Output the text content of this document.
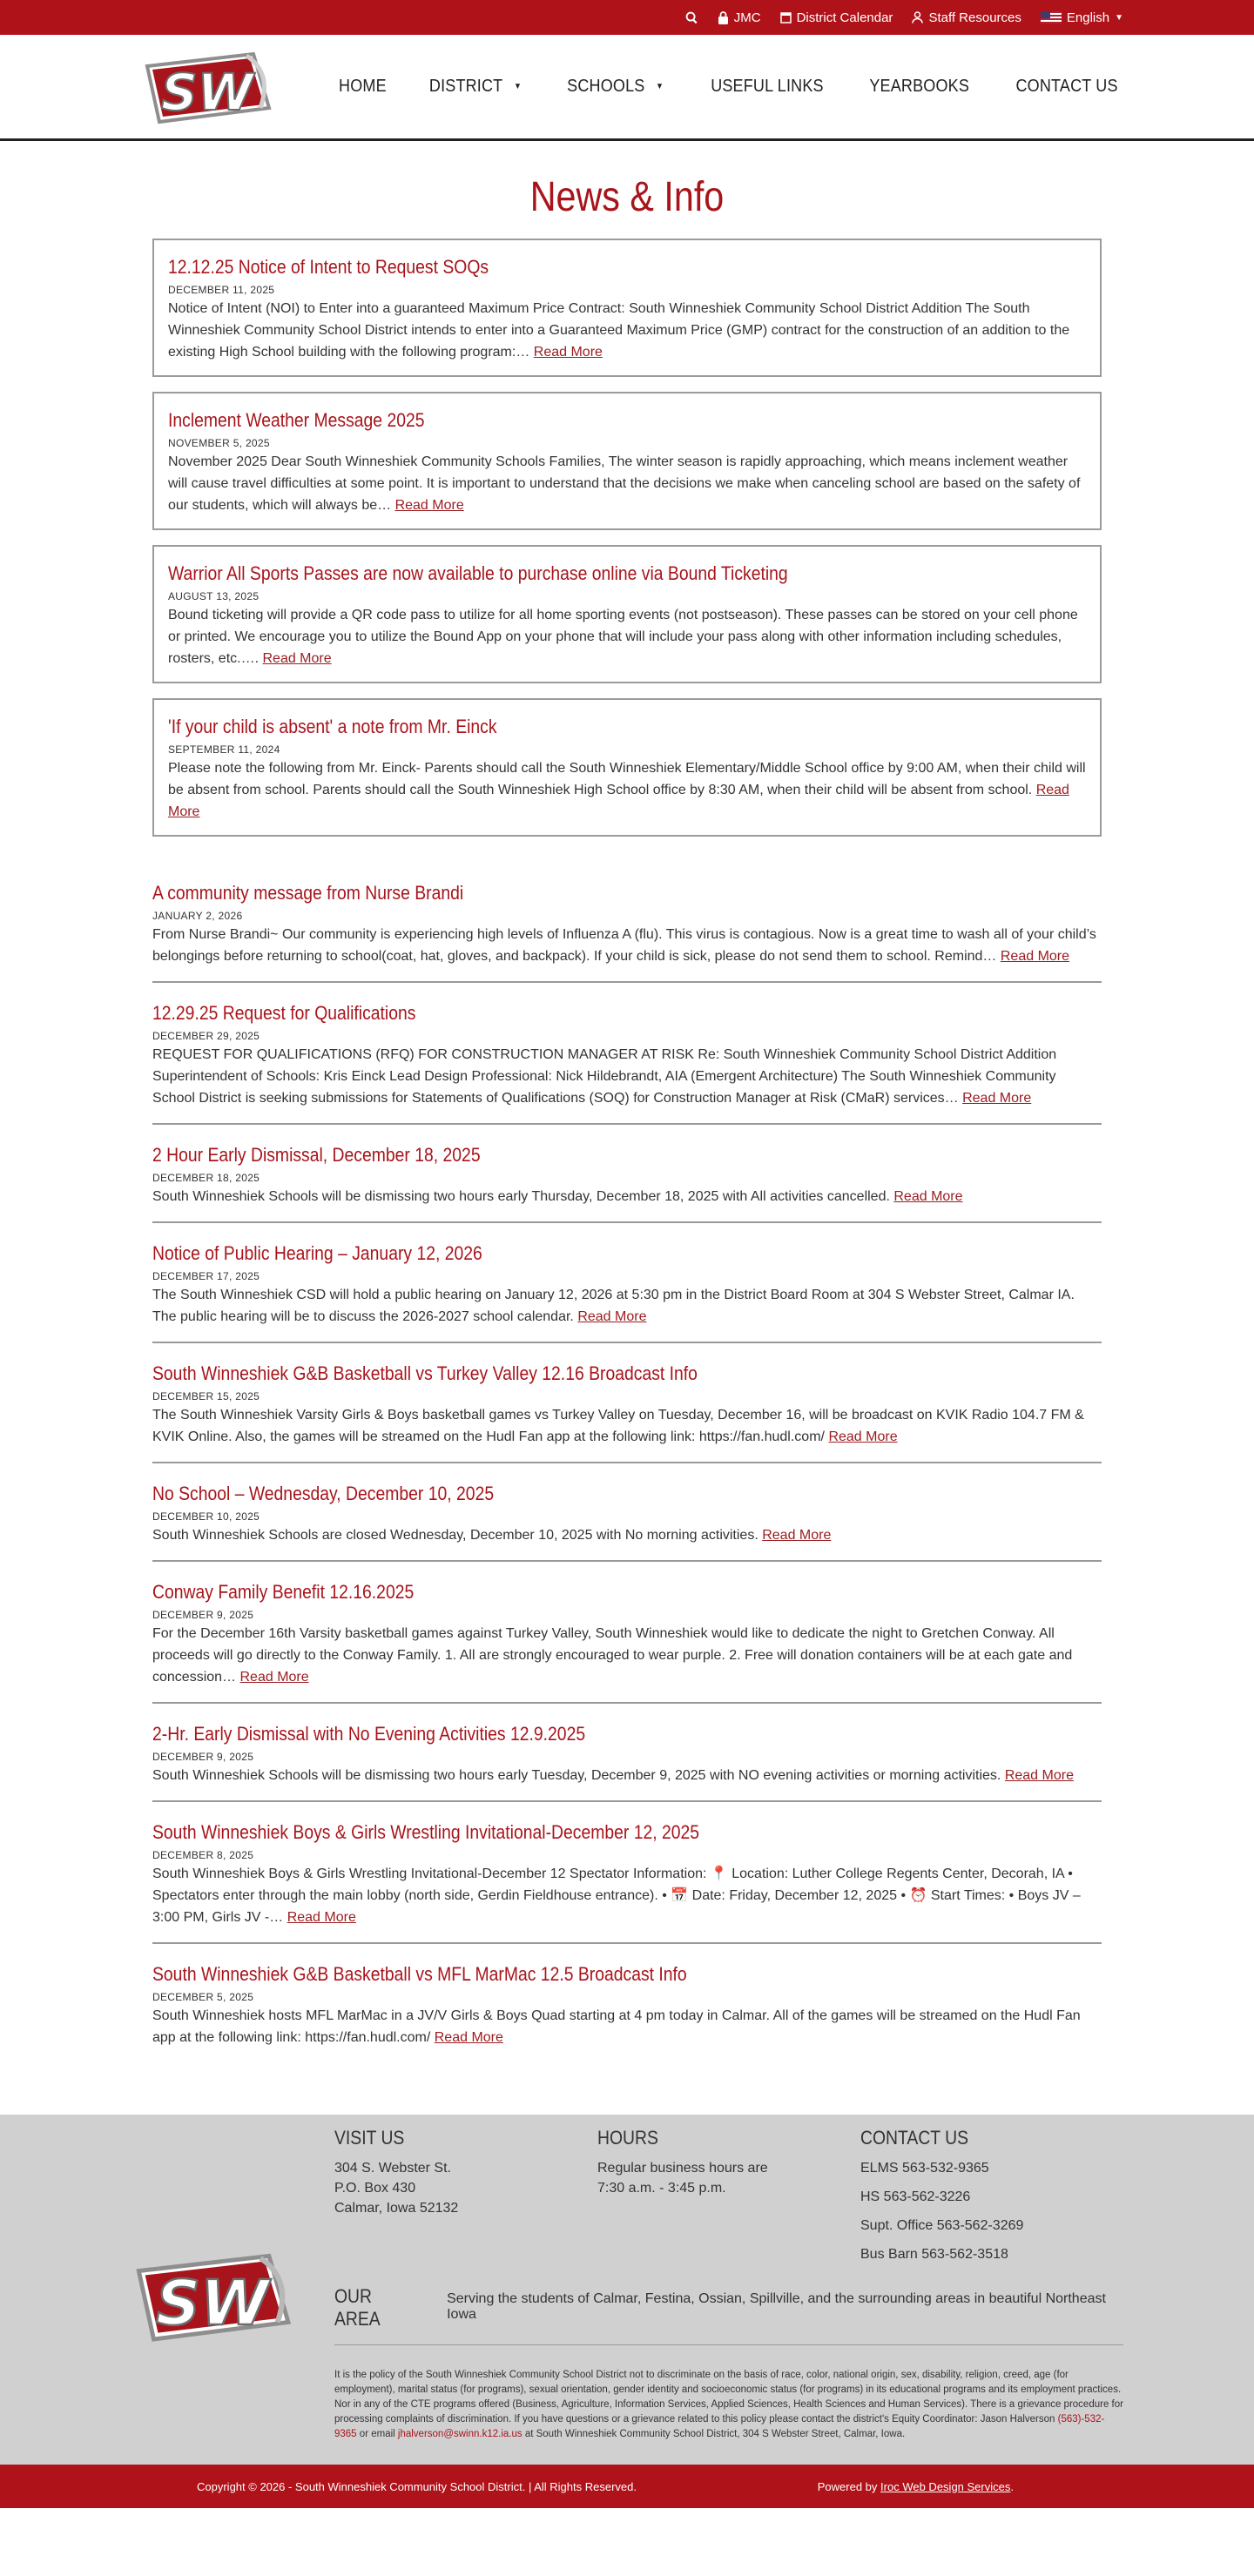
JMC	District Calendar	Staff Resources	English ▼
SW	HOME DISTRICT ▼	SCHOOLS ▼	USEFUL LINKS	YEARBOOKS	CONTACT US
News & Info
12.12.25 Notice of Intent to Request SOQs
DECEMBER 11, 2025

Notice of Intent (NOI) to Enter into a guaranteed Maximum Price Contract: South Winneshiek Community School District Addition The South Winneshiek Community School District intends to enter into a Guaranteed Maximum Price (GMP) contract for the construction of an addition to the existing High School building with the following program:… Read More

Inclement Weather Message 2025
NOVEMBER 5, 2025

November 2025 Dear South Winneshiek Community Schools Families, The winter season is rapidly approaching, which means inclement weather will cause travel difficulties at some point. It is important to understand that the decisions we make when canceling school are based on the safety of our students, which will always be… Read More

Warrior All Sports Passes are now available to purchase online via Bound Ticketing
AUGUST 13, 2025

Bound ticketing will provide a QR code pass to utilize for all home sporting events (not postseason). These passes can be stored on your cell phone or printed. We encourage you to utilize the Bound App on your phone that will include your pass along with other information including schedules, rosters, etc.…. Read More

'If your child is absent' a note from Mr. Einck
SEPTEMBER 11, 2024

Please note the following from Mr. Einck- Parents should call the South Winneshiek Elementary/Middle School office by 9:00 AM, when their child will be absent from school. Parents should call the South Winneshiek High School office by 8:30 AM, when their child will be absent from school. Read More

A community message from Nurse Brandi
JANUARY 2, 2026

From Nurse Brandi~ Our community is experiencing high levels of Influenza A (flu). This virus is contagious. Now is a great time to wash all of your child’s belongings before returning to school(coat, hat, gloves, and backpack). If your child is sick, please do not send them to school. Remind… Read More

12.29.25 Request for Qualifications
DECEMBER 29, 2025

REQUEST FOR QUALIFICATIONS (RFQ) FOR CONSTRUCTION MANAGER AT RISK Re: South Winneshiek Community School District Addition Superintendent of Schools: Kris Einck Lead Design Professional: Nick Hildebrandt, AIA (Emergent Architecture) The South Winneshiek Community School District is seeking submissions for Statements of Qualifications (SOQ) for Construction Manager at Risk (CMaR) services… Read More

2 Hour Early Dismissal, December 18, 2025
DECEMBER 18, 2025

South Winneshiek Schools will be dismissing two hours early Thursday, December 18, 2025 with All activities cancelled. Read More

Notice of Public Hearing – January 12, 2026
DECEMBER 17, 2025

The South Winneshiek CSD will hold a public hearing on January 12, 2026 at 5:30 pm in the District Board Room at 304 S Webster Street, Calmar IA. The public hearing will be to discuss the 2026-2027 school calendar. Read More

South Winneshiek G&B Basketball vs Turkey Valley 12.16 Broadcast Info
DECEMBER 15, 2025

The South Winneshiek Varsity Girls & Boys basketball games vs Turkey Valley on Tuesday, December 16, will be broadcast on KVIK Radio 104.7 FM & KVIK Online. Also, the games will be streamed on the Hudl Fan app at the following link: https://fan.hudl.com/ Read More

No School – Wednesday, December 10, 2025
DECEMBER 10, 2025

South Winneshiek Schools are closed Wednesday, December 10, 2025 with No morning activities. Read More

Conway Family Benefit 12.16.2025
DECEMBER 9, 2025

For the December 16th Varsity basketball games against Turkey Valley, South Winneshiek would like to dedicate the night to Gretchen Conway. All proceeds will go directly to the Conway Family. 1. All are strongly encouraged to wear purple. 2. Free will donation containers will be at each gate and concession… Read More

2-Hr. Early Dismissal with No Evening Activities 12.9.2025
DECEMBER 9, 2025

South Winneshiek Schools will be dismissing two hours early Tuesday, December 9, 2025 with NO evening activities or morning activities. Read More

South Winneshiek Boys & Girls Wrestling Invitational-December 12, 2025
DECEMBER 8, 2025

South Winneshiek Boys & Girls Wrestling Invitational-December 12 Spectator Information: 📍 Location: Luther College Regents Center, Decorah, IA • Spectators enter through the main lobby (north side, Gerdin Fieldhouse entrance). • 📅 Date: Friday, December 12, 2025 • ⏰ Start Times: • Boys JV – 3:00 PM, Girls JV -… Read More

South Winneshiek G&B Basketball vs MFL MarMac 12.5 Broadcast Info
DECEMBER 5, 2025

South Winneshiek hosts MFL MarMac in a JV/V Girls & Boys Quad starting at 4 pm today in Calmar. All of the games will be streamed on the Hudl Fan app at the following link: https://fan.hudl.com/ Read More

SW
VISIT US
304 S. Webster St.
P.O. Box 430
Calmar, Iowa 52132
HOURS
Regular business hours are
7:30 a.m. - 3:45 p.m.
CONTACT US
ELMS 563-532-9365
HS 563-562-3226
Supt. Office 563-562-3269
Bus Barn 563-562-3518
OUR AREA
Serving the students of Calmar, Festina, Ossian, Spillville, and the surrounding areas in beautiful Northeast Iowa

It is the policy of the South Winneshiek Community School District not to discriminate on the basis of race, color, national origin, sex, disability, religion, creed, age (for employment), marital status (for programs), sexual orientation, gender identity and socioeconomic status (for programs) in its educational programs and its employment practices. Nor in any of the CTE programs offered (Business, Agriculture, Information Services, Applied Sciences, Health Sciences and Human Services). There is a grievance procedure for processing complaints of discrimination. If you have questions or a grievance related to this policy please contact the district's Equity Coordinator: Jason Halverson (563)-532-9365 or email jhalverson@swinn.k12.ia.us at South Winneshiek Community School District, 304 S Webster Street, Calmar, Iowa.

Copyright © 2026 - South Winneshiek Community School District. | All Rights Reserved.	Powered by Iroc Web Design Services.
